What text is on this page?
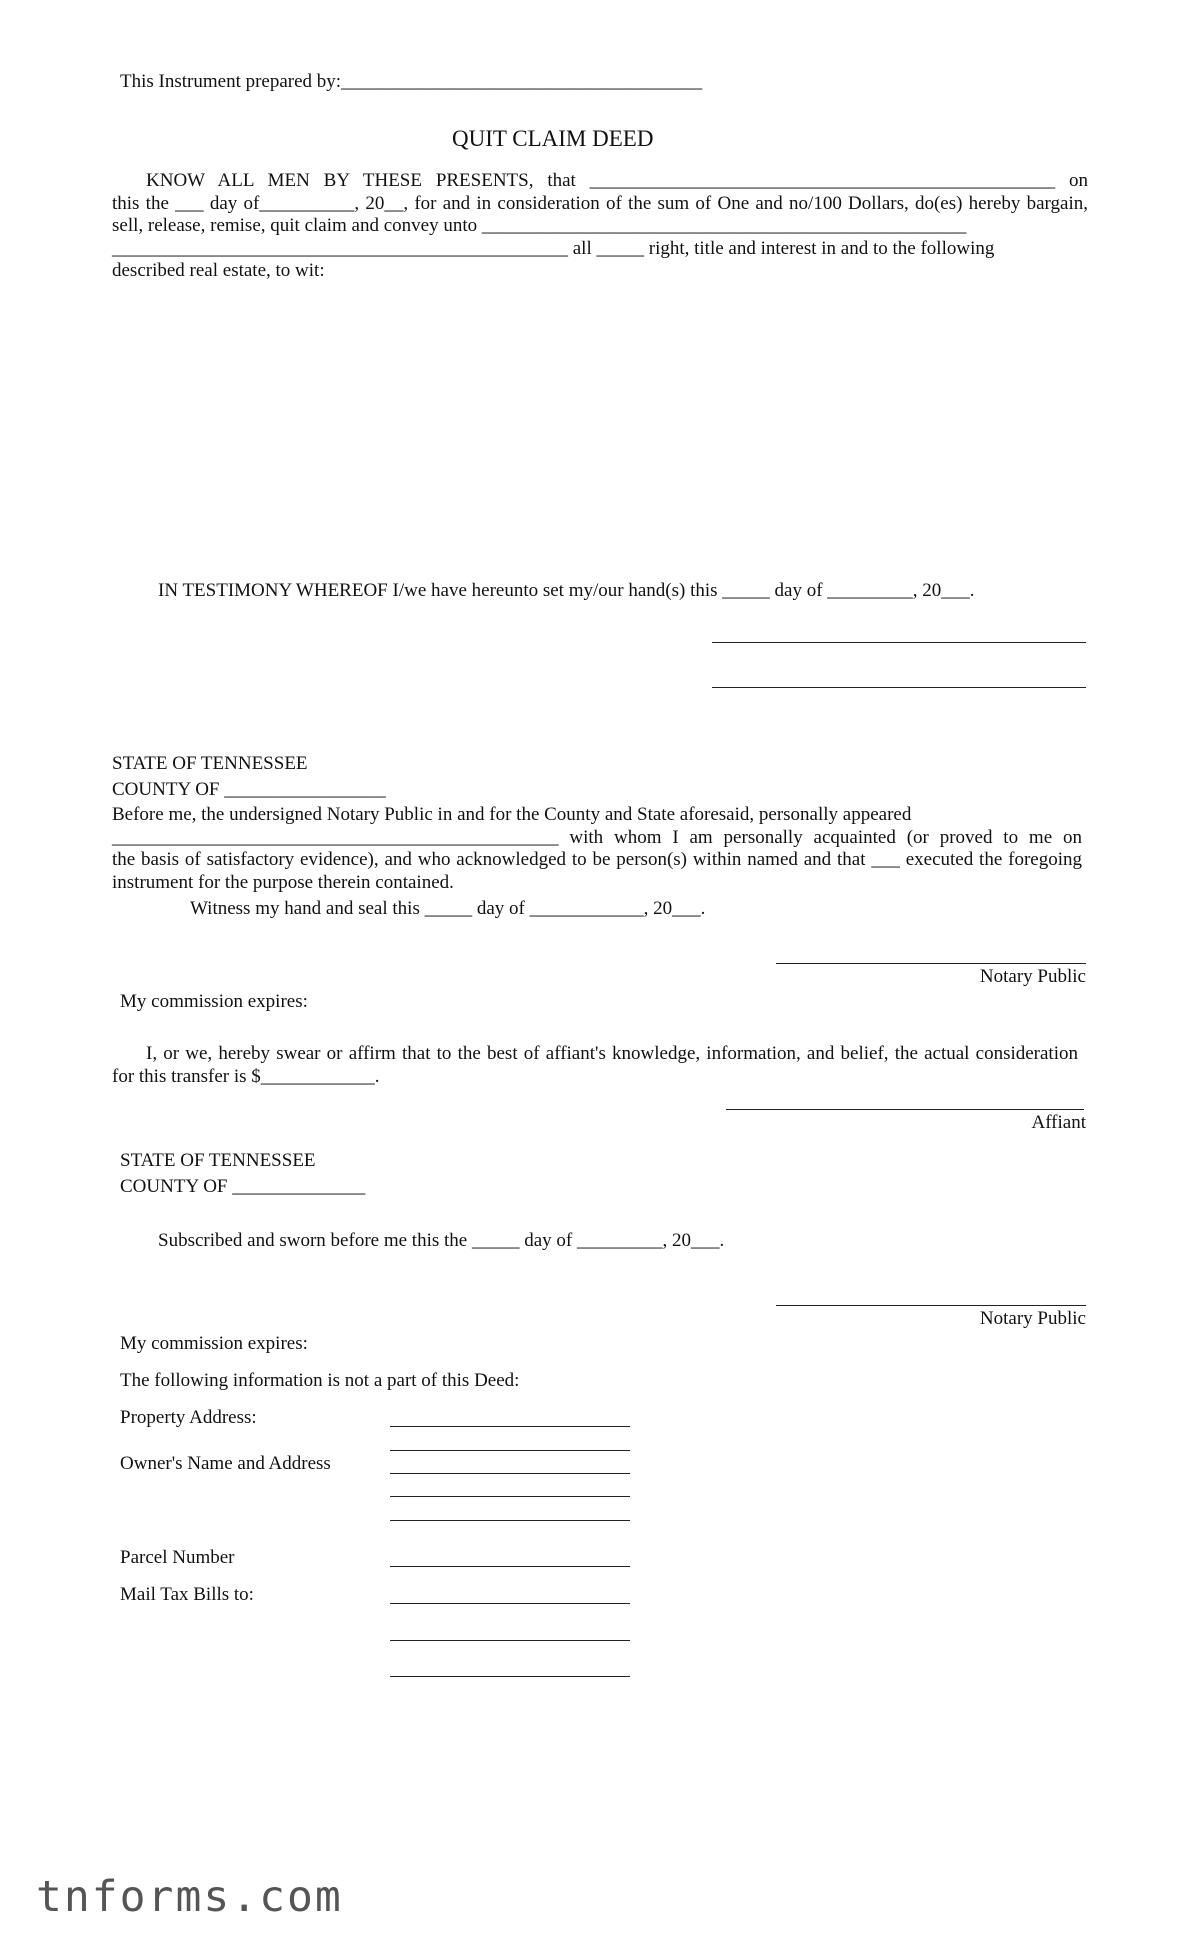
This Instrument prepared by:______________________________________
QUIT CLAIM DEED
KNOW ALL MEN BY THESE PRESENTS, that _________________________________________________ on
this the ___ day of__________, 20__, for and in consideration of the sum of One and no/100 Dollars, do(es) hereby bargain,
sell, release, remise, quit claim and convey unto ___________________________________________________
________________________________________________ all _____ right, title and interest in and to the following
described real estate, to wit:
IN TESTIMONY WHEREOF I/we have hereunto set my/our hand(s) this _____ day of _________, 20___.
STATE OF TENNESSEE
COUNTY OF _________________
Before me, the undersigned Notary Public in and for the County and State aforesaid, personally appeared
_______________________________________________ with whom I am personally acquainted (or proved to me on
the basis of satisfactory evidence), and who acknowledged to be person(s) within named and that ___ executed the foregoing
instrument for the purpose therein contained.
Witness my hand and seal this _____ day of ____________, 20___.
Notary Public
My commission expires:
I, or we, hereby swear or affirm that to the best of affiant's knowledge, information, and belief, the actual consideration
for this transfer is $____________.
Affiant
STATE OF TENNESSEE
COUNTY OF ______________
Subscribed and sworn before me this the _____ day of _________, 20___.
Notary Public
My commission expires:
The following information is not a part of this Deed:
Property Address:
Owner's Name and Address
Parcel Number
Mail Tax Bills to:
tnforms.com
